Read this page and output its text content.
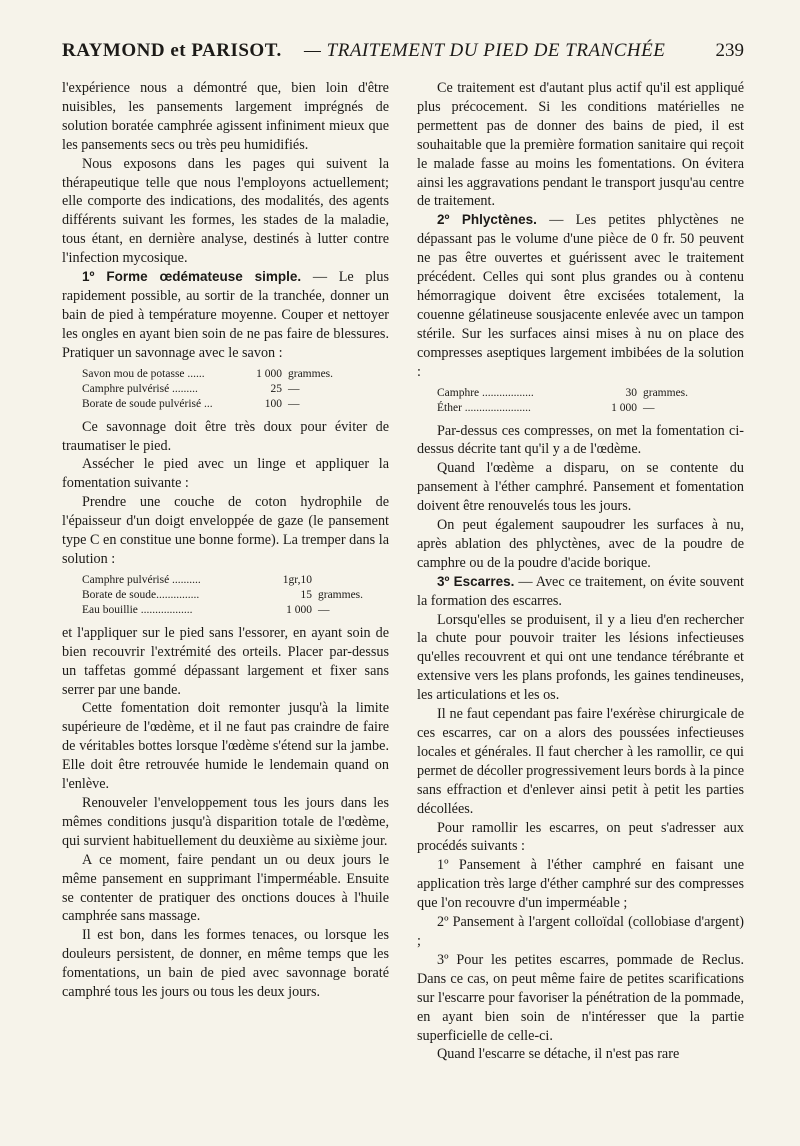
RAYMOND et PARISOT. — TRAITEMENT DU PIED DE TRANCHÉE	239

l'expérience nous a démontré que, bien loin d'être nuisibles, les pansements largement imprégnés de solution boratée camphrée agissent infiniment mieux que les pansements secs ou très peu humidifiés.

Nous exposons dans les pages qui suivent la thérapeutique telle que nous l'employons actuellement; elle comporte des indications, des modalités, des agents différents suivant les formes, les stades de la maladie, tous étant, en dernière analyse, destinés à lutter contre l'infection mycosique.

1º Forme œdémateuse simple. — Le plus rapidement possible, au sortir de la tranchée, donner un bain de pied à température moyenne. Couper et nettoyer les ongles en ayant bien soin de ne pas faire de blessures. Pratiquer un savonnage avec le savon :

Savon mou de potasse ......	1 000	grammes.
Camphre pulvérisé .........	25	—
Borate de soude pulvérisé ...	100	—

Ce savonnage doit être très doux pour éviter de traumatiser le pied.

Assécher le pied avec un linge et appliquer la fomentation suivante :

Prendre une couche de coton hydrophile de l'épaisseur d'un doigt enveloppée de gaze (le pansement type C en constitue une bonne forme). La tremper dans la solution :

Camphre pulvérisé ..........	1gr,10	
Borate de soude...............	15	grammes.
Eau bouillie ..................	1 000	—

et l'appliquer sur le pied sans l'essorer, en ayant soin de bien recouvrir l'extrémité des orteils. Placer par-dessus un taffetas gommé dépassant largement et fixer sans serrer par une bande.

Cette fomentation doit remonter jusqu'à la limite supérieure de l'œdème, et il ne faut pas craindre de faire de véritables bottes lorsque l'œdème s'étend sur la jambe. Elle doit être retrouvée humide le lendemain quand on l'enlève.

Renouveler l'enveloppement tous les jours dans les mêmes conditions jusqu'à disparition totale de l'œdème, qui survient habituellement du deuxième au sixième jour.

A ce moment, faire pendant un ou deux jours le même pansement en supprimant l'imperméable. Ensuite se contenter de pratiquer des onctions douces à l'huile camphrée sans massage.

Il est bon, dans les formes tenaces, ou lorsque les douleurs persistent, de donner, en même temps que les fomentations, un bain de pied avec savonnage boraté camphré tous les jours ou tous les deux jours.

Ce traitement est d'autant plus actif qu'il est appliqué plus précocement. Si les conditions matérielles ne permettent pas de donner des bains de pied, il est souhaitable que la première formation sanitaire qui reçoit le malade fasse au moins les fomentations. On évitera ainsi les aggravations pendant le transport jusqu'au centre de traitement.

2º Phlyctènes. — Les petites phlyctènes ne dépassant pas le volume d'une pièce de 0 fr. 50 peuvent ne pas être ouvertes et guérissent avec le traitement précédent. Celles qui sont plus grandes ou à contenu hémorragique doivent être excisées totalement, la couenne gélatineuse sousjacente enlevée avec un tampon stérile. Sur les surfaces ainsi mises à nu on place des compresses aseptiques largement imbibées de la solution :

Camphre ..................	30	grammes.
Éther .......................	1 000	—

Par-dessus ces compresses, on met la fomentation ci-dessus décrite tant qu'il y a de l'œdème.

Quand l'œdème a disparu, on se contente du pansement à l'éther camphré. Pansement et fomentation doivent être renouvelés tous les jours.

On peut également saupoudrer les surfaces à nu, après ablation des phlyctènes, avec de la poudre de camphre ou de la poudre d'acide borique.

3º Escarres. — Avec ce traitement, on évite souvent la formation des escarres.

Lorsqu'elles se produisent, il y a lieu d'en rechercher la chute pour pouvoir traiter les lésions infectieuses qu'elles recouvrent et qui ont une tendance térébrante et extensive vers les plans profonds, les gaines tendineuses, les articulations et les os.

Il ne faut cependant pas faire l'exérèse chirurgicale de ces escarres, car on a alors des poussées infectieuses locales et générales. Il faut chercher à les ramollir, ce qui permet de décoller progressivement leurs bords à la pince sans effraction et d'enlever ainsi petit à petit les parties décollées.

Pour ramollir les escarres, on peut s'adresser aux procédés suivants :

1º Pansement à l'éther camphré en faisant une application très large d'éther camphré sur des compresses que l'on recouvre d'un imperméable ;

2º Pansement à l'argent colloïdal (collobiase d'argent) ;

3º Pour les petites escarres, pommade de Reclus. Dans ce cas, on peut même faire de petites scarifications sur l'escarre pour favoriser la pénétration de la pommade, en ayant bien soin de n'intéresser que la partie superficielle de celle-ci.

Quand l'escarre se détache, il n'est pas rare
